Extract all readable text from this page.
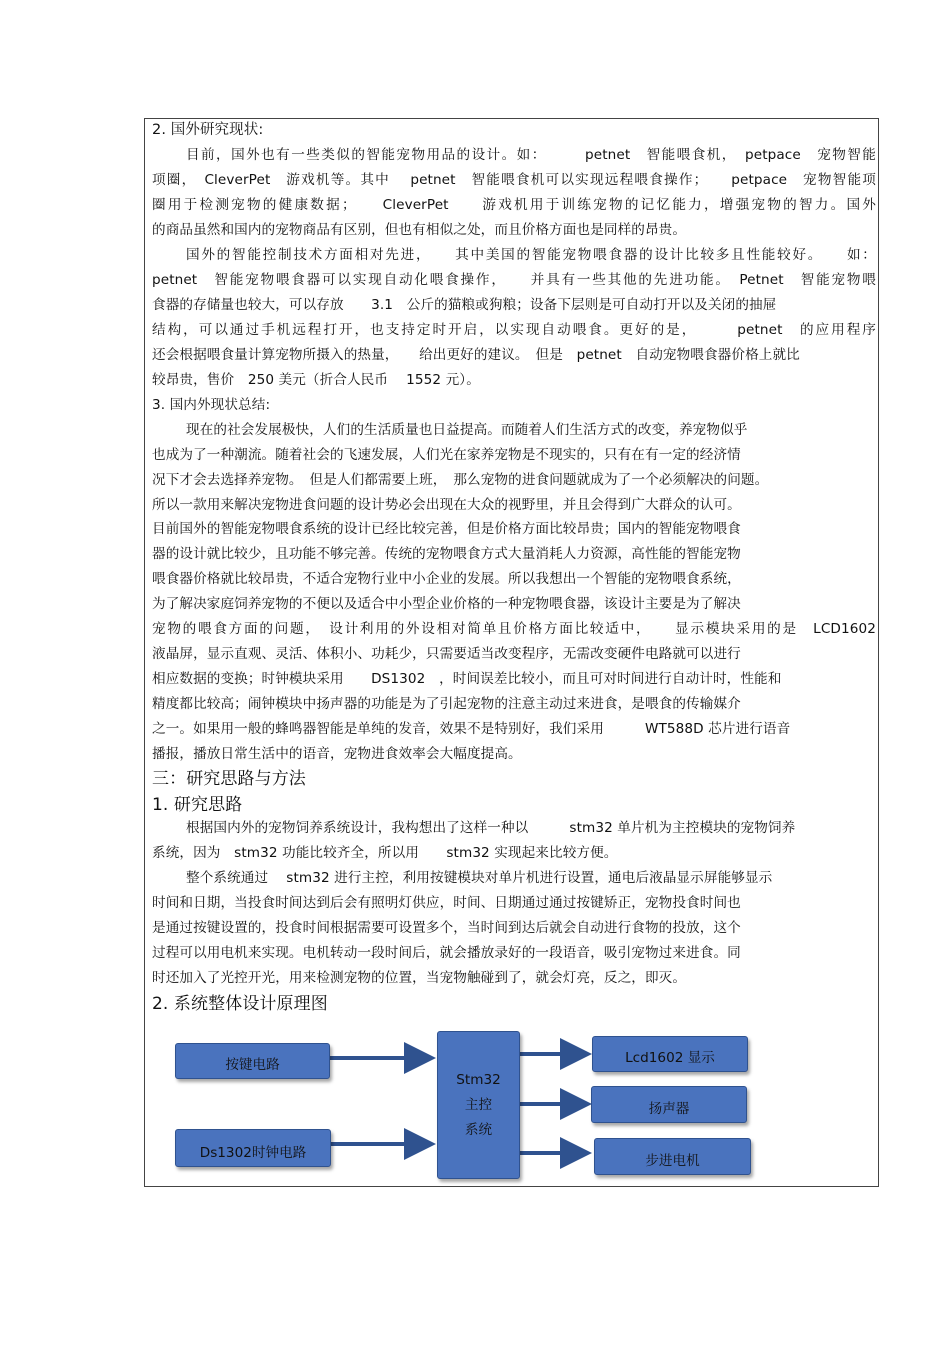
2. 国外研究现状:
目前，国外也有一些类似的智能宠物用品的设计。如：　　　petnet　智能喂食机，　petpace　宠物智能
项圈，　CleverPet　游戏机等。其中　 petnet　智能喂食机可以实现远程喂食操作；　　petpace　宠物智能项
圈用于检测宠物的健康数据；　　CleverPet　　游戏机用于训练宠物的记忆能力，增强宠物的智力。国外
的商品虽然和国内的宠物商品有区别，但也有相似之处，而且价格方面也是同样的昂贵。
国外的智能控制技术方面相对先进，　　其中美国的智能宠物喂食器的设计比较多且性能较好。　　如：
petnet　智能宠物喂食器可以实现自动化喂食操作，　　并具有一些其他的先进功能。　Petnet　智能宠物喂
食器的存储量也较大，可以存放　　3.1　公斤的猫粮或狗粮；设备下层则是可自动打开以及关闭的抽屉
结构，可以通过手机远程打开，也支持定时开启，以实现自动喂食。更好的是，　　　petnet　的应用程序
还会根据喂食量计算宠物所摄入的热量，　　给出更好的建议。　但是　petnet　自动宠物喂食器价格上就比
较昂贵，售价　250 美元（折合人民币　 1552 元）。
3. 国内外现状总结:
现在的社会发展极快，人们的生活质量也日益提高。而随着人们生活方式的改变，养宠物似乎
也成为了一种潮流。随着社会的飞速发展，人们光在家养宠物是不现实的，只有在有一定的经济情
况下才会去选择养宠物。　但是人们都需要上班，　那么宠物的进食问题就成为了一个必须解决的问题。
所以一款用来解决宠物进食问题的设计势必会出现在大众的视野里，并且会得到广大群众的认可。
目前国外的智能宠物喂食系统的设计已经比较完善，但是价格方面比较昂贵；国内的智能宠物喂食
器的设计就比较少，且功能不够完善。传统的宠物喂食方式大量消耗人力资源，高性能的智能宠物
喂食器价格就比较昂贵，不适合宠物行业中小企业的发展。所以我想出一个智能的宠物喂食系统，
为了解决家庭饲养宠物的不便以及适合中小型企业价格的一种宠物喂食器，该设计主要是为了解决
宠物的喂食方面的问题，　设计利用的外设相对简单且价格方面比较适中，　　显示模块采用的是　LCD1602
液晶屏，显示直观、灵活、体积小、功耗少，只需要适当改变程序，无需改变硬件电路就可以进行
相应数据的变换；时钟模块采用　　DS1302　，时间误差比较小，而且可对时间进行自动计时，性能和
精度都比较高；闹钟模块中扬声器的功能是为了引起宠物的注意主动过来进食，是喂食的传输媒介
之一。如果用一般的蜂鸣器智能是单纯的发音，效果不是特别好，我们采用　　　WT588D 芯片进行语音
播报，播放日常生活中的语音，宠物进食效率会大幅度提高。
三：研究思路与方法
1. 研究思路
根据国内外的宠物饲养系统设计，我构想出了这样一种以　　　stm32 单片机为主控模块的宠物饲养
系统，因为　stm32 功能比较齐全，所以用　　stm32 实现起来比较方便。
整个系统通过　 stm32 进行主控，利用按键模块对单片机进行设置，通电后液晶显示屏能够显示
时间和日期，当投食时间达到后会有照明灯供应，时间、日期通过通过按键矫正，宠物投食时间也
是通过按键设置的，投食时间根据需要可设置多个，当时间到达后就会自动进行食物的投放，这个
过程可以用电机来实现。电机转动一段时间后，就会播放录好的一段语音，吸引宠物过来进食。同
时还加入了光控开光，用来检测宠物的位置，当宠物触碰到了，就会灯亮，反之，即灭。
2. 系统整体设计原理图
按键电路
Ds1302时钟电路
Stm32
主控
系统
Lcd1602 显示
扬声器
步进电机
